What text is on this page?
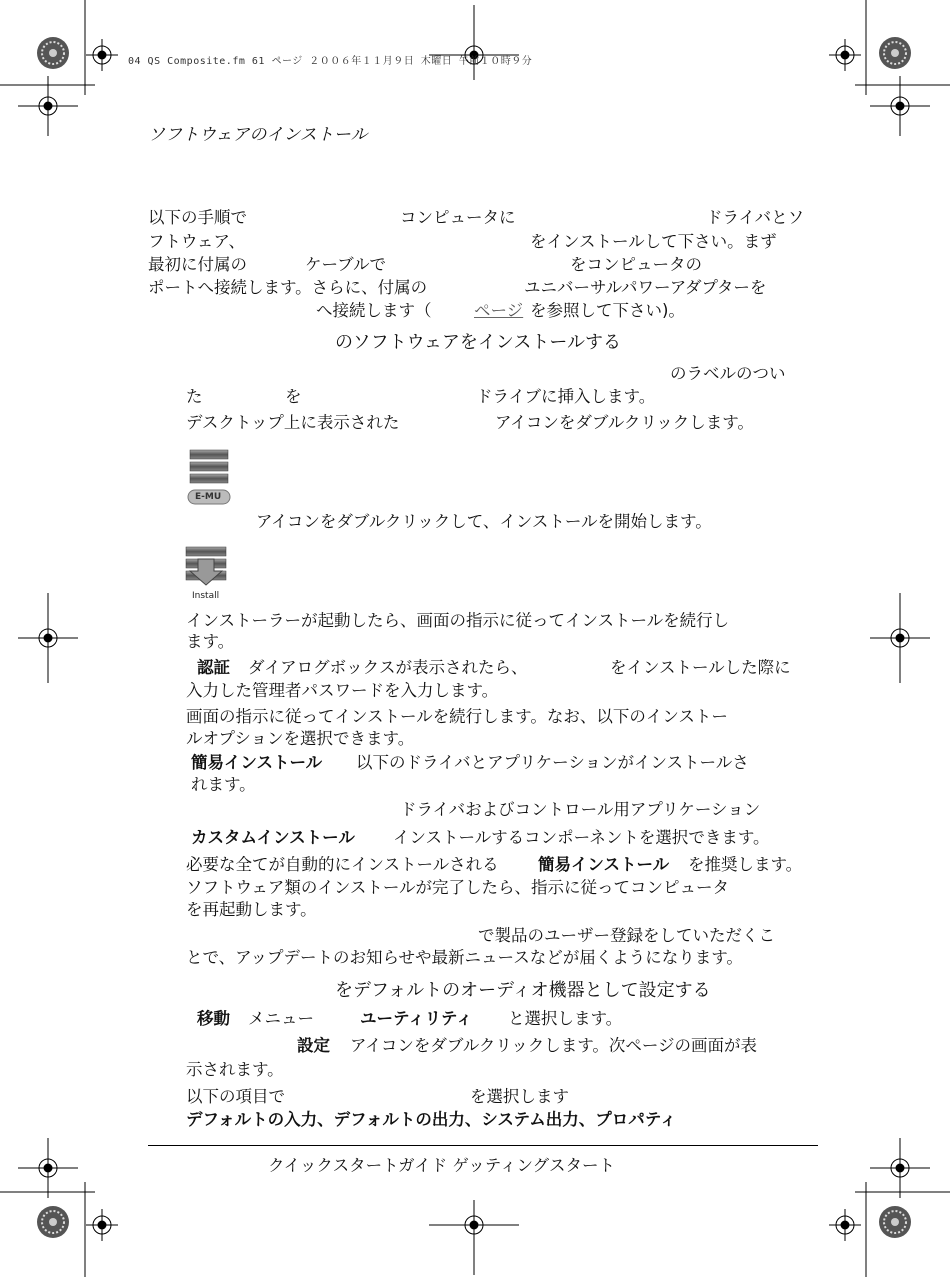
04 QS Composite.fm 61 ページ ２００６年１１月９日 木曜日 午前１０時９分
ソフトウェアのインストール
以下の手順で	コンピュータに	ドライバとソ
フトウェア、	をインストールして下さい。まず
最初に付属の	ケーブルで	をコンピュータの
ポートへ接続します。さらに、付属の	ユニバーサルパワーアダプターを
へ接続します（	ページ を参照して下さい)。
のソフトウェアをインストールする
のラベルのつい
た	を	ドライブに挿入します。
デスクトップ上に表示された	アイコンをダブルクリックします。
E-MU
アイコンをダブルクリックして、インストールを開始します。
Install
インストーラーが起動したら、画面の指示に従ってインストールを続行し
ます。
認証 ダイアログボックスが表示されたら、	をインストールした際に
入力した管理者パスワードを入力します。
画面の指示に従ってインストールを続行します。なお、以下のインストー
ルオプションを選択できます。
簡易インストール 以下のドライバとアプリケーションがインストールさ
れます。
ドライバおよびコントロール用アプリケーション
カスタムインストール インストールするコンポーネントを選択できます。
必要な全てが自動的にインストールされる 簡易インストール を推奨します。
ソフトウェア類のインストールが完了したら、指示に従ってコンピュータ
を再起動します。
で製品のユーザー登録をしていただくこ
とで、アップデートのお知らせや最新ニュースなどが届くようになります。
をデフォルトのオーディオ機器として設定する
移動 メニュー	ユーティリティ と選択します。
設定 アイコンをダブルクリックします。次ページの画面が表
示されます。
以下の項目で	を選択します
デフォルトの入力、デフォルトの出力、システム出力、プロパティ
クイックスタートガイド ゲッティングスタート
